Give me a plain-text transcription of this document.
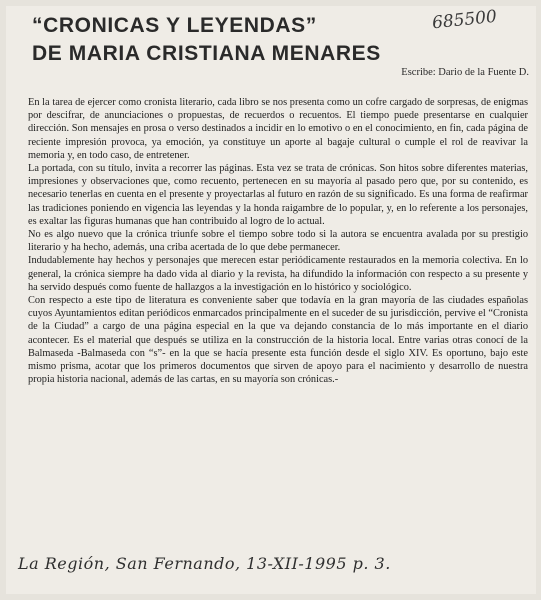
“CRONICAS Y LEYENDAS”
DE MARIA CRISTIANA MENARES
685500
Escribe: Dario de la Fuente D.

En la tarea de ejercer como cronista literario, cada libro se nos presenta como un cofre cargado de sorpresas, de enigmas por descifrar, de anunciaciones o propuestas, de recuerdos o recuentos. El tiempo puede presentarse en cualquier dirección. Son mensajes en prosa o verso destinados a incidir en lo emotivo o en el conocimiento, en fin, cada página de reciente impresión provoca, ya emoción, ya constituye un aporte al bagaje cultural o cumple el rol de reavivar la memoria y, en todo caso, de entretener.

La portada, con su título, invita a recorrer las páginas. Esta vez se trata de crónicas. Son hitos sobre diferentes materias, impresiones y observaciones que, como recuento, pertenecen en su mayoría al pasado pero que, por su contenido, es necesario tenerlas en cuenta en el presente y proyectarlas al futuro en razón de su significado. Es una forma de reafirmar las tradiciones poniendo en vigencia las leyendas y la honda raigambre de lo popular, y, en lo referente a los personajes, es exaltar las figuras humanas que han contribuido al logro de lo actual.

No es algo nuevo que la crónica triunfe sobre el tiempo sobre todo si la autora se encuentra avalada por su prestigio literario y ha hecho, además, una criba acertada de lo que debe permanecer.

Indudablemente hay hechos y personajes que merecen estar periódicamente restaurados en la memoria colectiva. En lo general, la crónica siempre ha dado vida al diario y la revista, ha difundido la información con respecto a su presente y ha servido después como fuente de hallazgos a la investigación en lo histórico y sociológico.

Con respecto a este tipo de literatura es conveniente saber que todavía en la gran mayoría de las ciudades españolas cuyos Ayuntamientos editan periódicos enmarcados principalmente en el suceder de su jurisdicción, pervive el “Cronista de la Ciudad” a cargo de una página especial en la que va dejando constancia de lo más importante en el diario acontecer. Es el material que después se utiliza en la construcción de la historia local. Entre varias otras conocí de la Balmaseda -Balmaseda con “s”- en la que se hacía presente esta función desde el siglo XIV. Es oportuno, bajo este mismo prisma, acotar que los primeros documentos que sirven de apoyo para el nacimiento y desarrollo de nuestra propia historia nacional, además de las cartas, en su mayoría son crónicas.-

La Región, San Fernando, 13-XII-1995 p. 3.
